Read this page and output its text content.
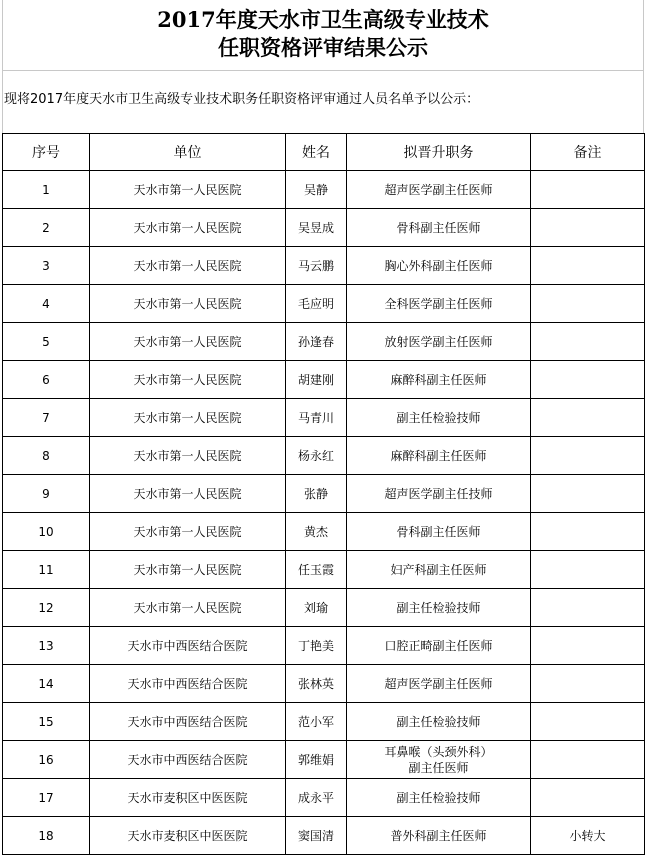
2017年度天水市卫生高级专业技术
任职资格评审结果公示
现将2017年度天水市卫生高级专业技术职务任职资格评审通过人员名单予以公示：
序号	单位	姓名	拟晋升职务	备注
1	天水市第一人民医院	吴静	超声医学副主任医师	
2	天水市第一人民医院	吴昱成	骨科副主任医师	
3	天水市第一人民医院	马云鹏	胸心外科副主任医师	
4	天水市第一人民医院	毛应明	全科医学副主任医师	
5	天水市第一人民医院	孙逢春	放射医学副主任医师	
6	天水市第一人民医院	胡建刚	麻醉科副主任医师	
7	天水市第一人民医院	马青川	副主任检验技师	
8	天水市第一人民医院	杨永红	麻醉科副主任医师	
9	天水市第一人民医院	张静	超声医学副主任技师	
10	天水市第一人民医院	黄杰	骨科副主任医师	
11	天水市第一人民医院	任玉霞	妇产科副主任医师	
12	天水市第一人民医院	刘瑜	副主任检验技师	
13	天水市中西医结合医院	丁艳美	口腔正畸副主任医师	
14	天水市中西医结合医院	张林英	超声医学副主任医师	
15	天水市中西医结合医院	范小军	副主任检验技师	
16	天水市中西医结合医院	郭维娟	耳鼻喉（头颈外科）
副主任医师	

17	天水市麦积区中医医院	成永平	副主任检验技师	
18	天水市麦积区中医医院	窦国清	普外科副主任医师	小转大
